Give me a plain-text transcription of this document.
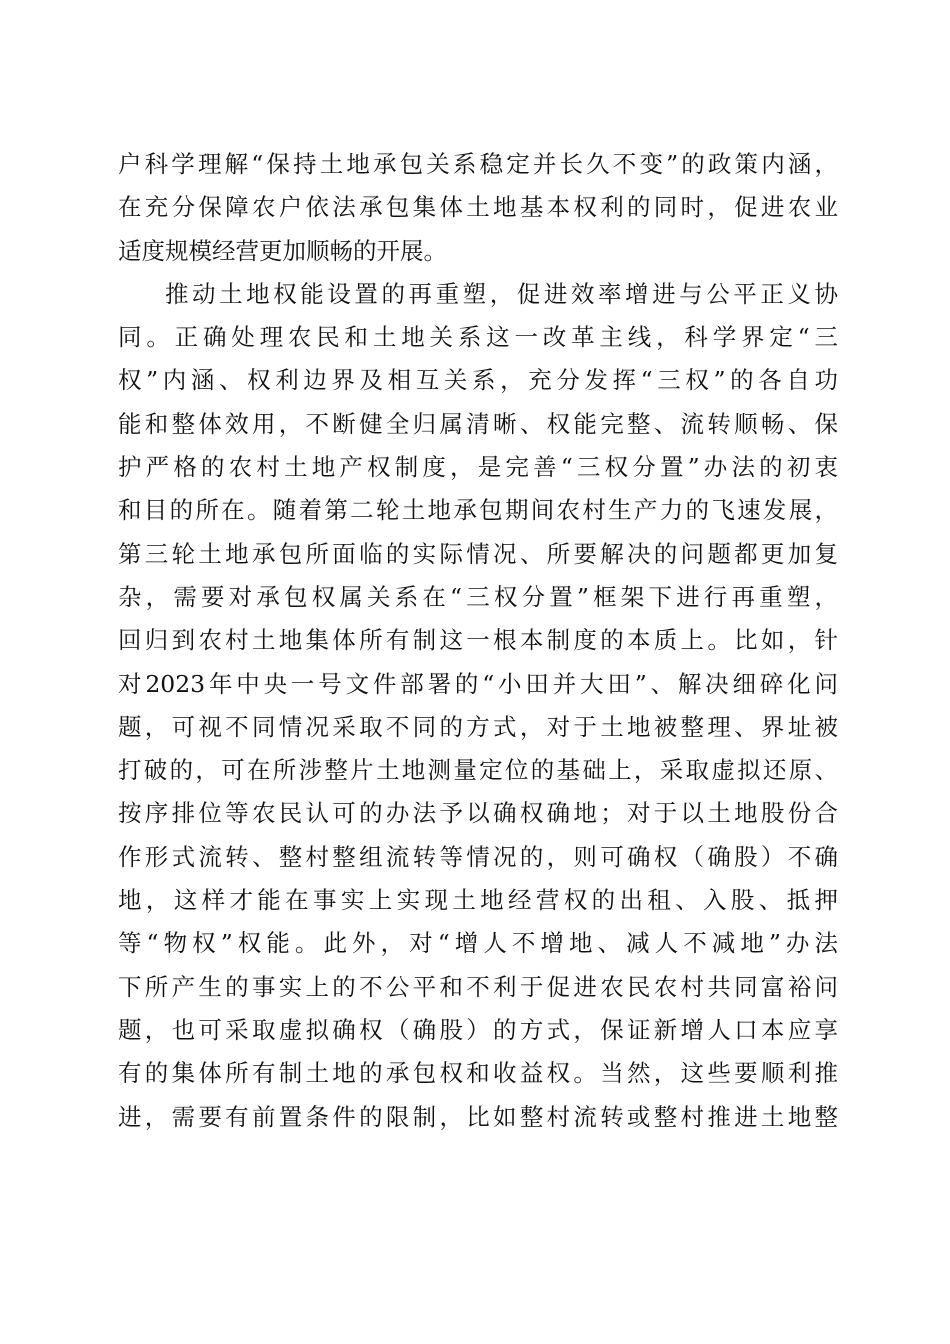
户科学理解“保持土地承包关系稳定并长久不变”的政策内涵，
在充分保障农户依法承包集体土地基本权利的同时，促进农业
适度规模经营更加顺畅的开展。
推动土地权能设置的再重塑，促进效率增进与公平正义协
同。正确处理农民和土地关系这一改革主线，科学界定“三
权”内涵、权利边界及相互关系，充分发挥“三权”的各自功
能和整体效用，不断健全归属清晰、权能完整、流转顺畅、保
护严格的农村土地产权制度，是完善“三权分置”办法的初衷
和目的所在。随着第二轮土地承包期间农村生产力的飞速发展，
第三轮土地承包所面临的实际情况、所要解决的问题都更加复
杂，需要对承包权属关系在“三权分置”框架下进行再重塑，
回归到农村土地集体所有制这一根本制度的本质上。比如，针
对2023年中央一号文件部署的“小田并大田”、解决细碎化问
题，可视不同情况采取不同的方式，对于土地被整理、界址被
打破的，可在所涉整片土地测量定位的基础上，采取虚拟还原、
按序排位等农民认可的办法予以确权确地；对于以土地股份合
作形式流转、整村整组流转等情况的，则可确权（确股）不确
地，这样才能在事实上实现土地经营权的出租、入股、抵押
等“物权”权能。此外，对“增人不增地、减人不减地”办法
下所产生的事实上的不公平和不利于促进农民农村共同富裕问
题，也可采取虚拟确权（确股）的方式，保证新增人口本应享
有的集体所有制土地的承包权和收益权。当然，这些要顺利推
进，需要有前置条件的限制，比如整村流转或整村推进土地整
